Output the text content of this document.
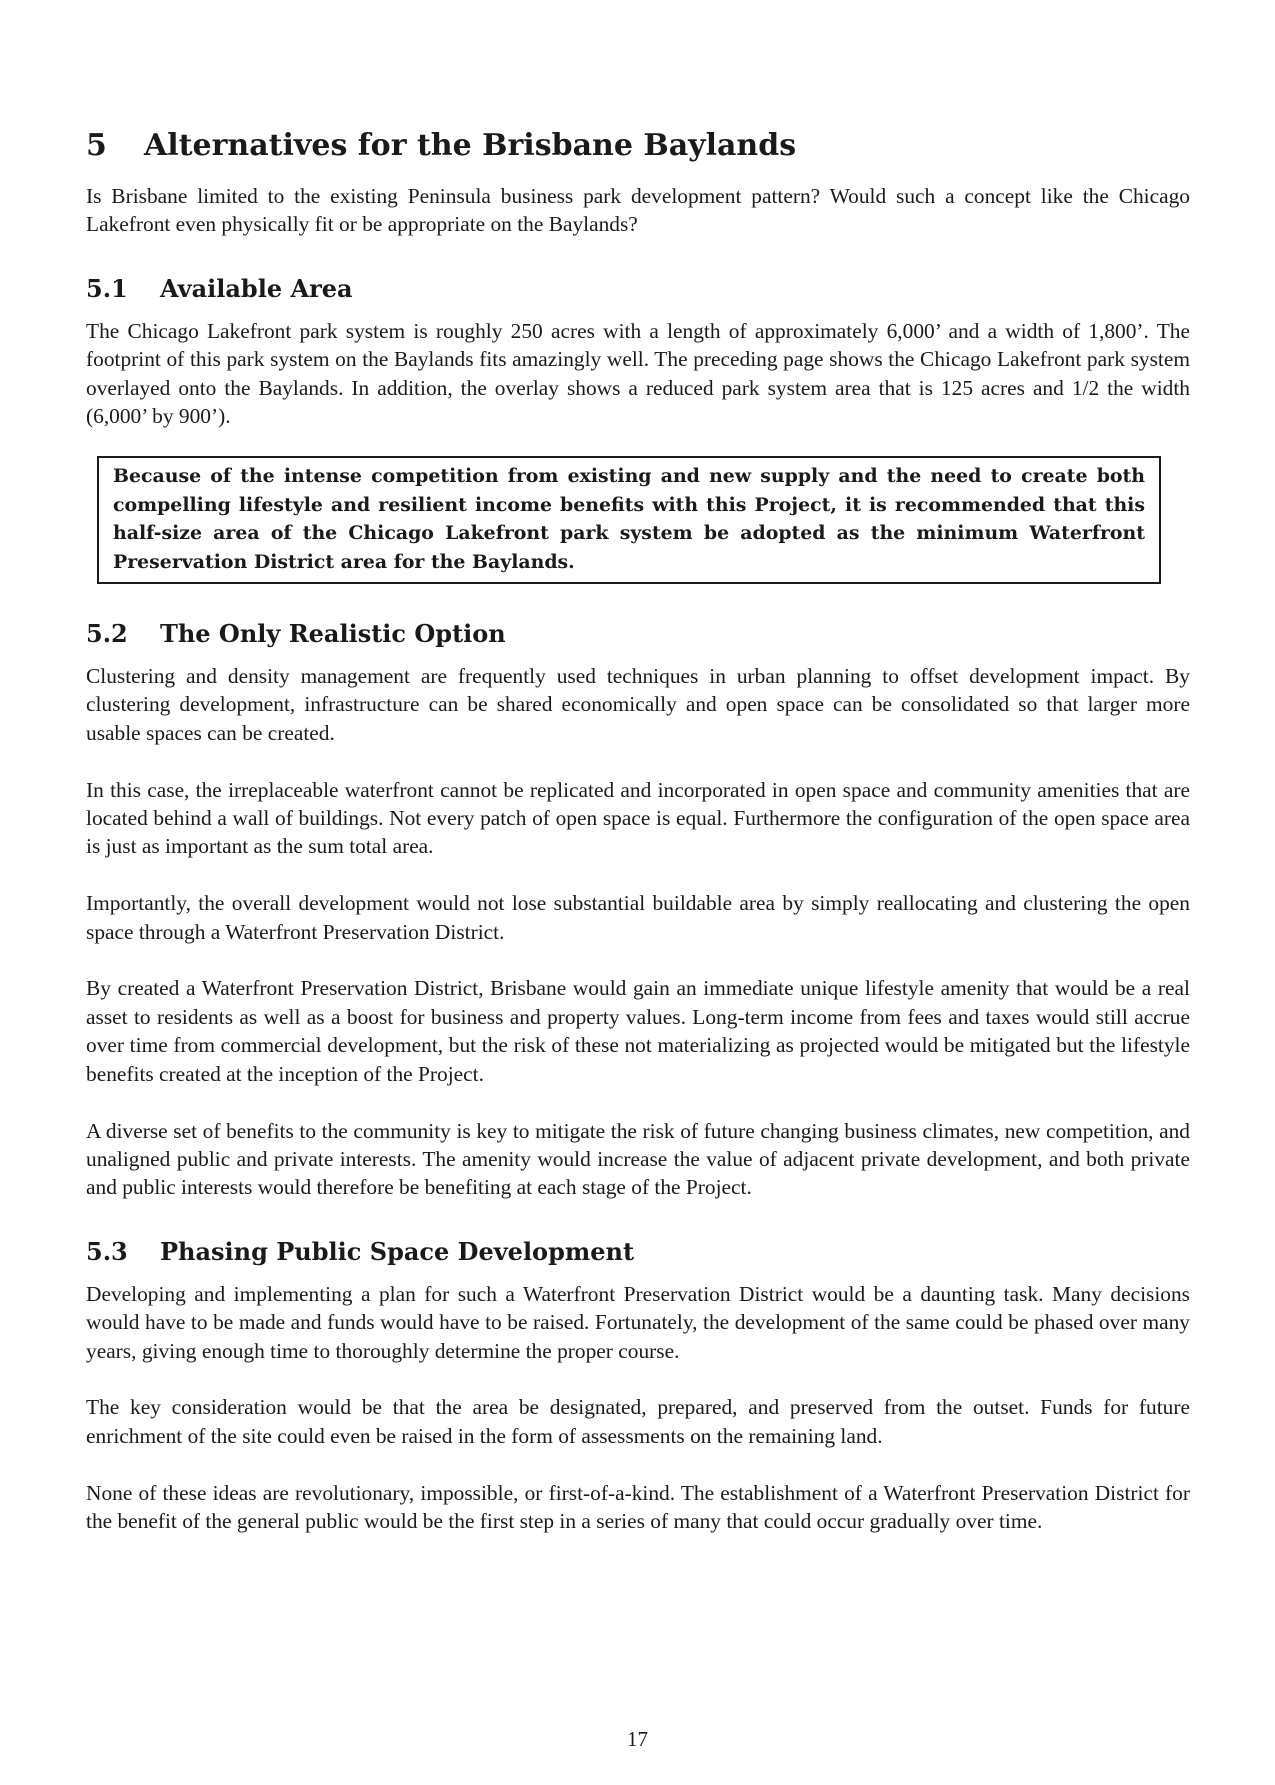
5	Alternatives for the Brisbane Baylands

Is Brisbane limited to the existing Peninsula business park development pattern? Would such a concept like the Chicago Lakefront even physically fit or be appropriate on the Baylands?

5.1	Available Area

The Chicago Lakefront park system is roughly 250 acres with a length of approximately 6,000’ and a width of 1,800’. The footprint of this park system on the Baylands fits amazingly well. The preceding page shows the Chicago Lakefront park system overlayed onto the Baylands. In addition, the overlay shows a reduced park system area that is 125 acres and 1/2 the width (6,000’ by 900’).

Because of the intense competition from existing and new supply and the need to create both compelling lifestyle and resilient income benefits with this Project, it is recommended that this half-size area of the Chicago Lakefront park system be adopted as the minimum Waterfront Preservation District area for the Baylands.

5.2	The Only Realistic Option

Clustering and density management are frequently used techniques in urban planning to offset development impact. By clustering development, infrastructure can be shared economically and open space can be consolidated so that larger more usable spaces can be created.

In this case, the irreplaceable waterfront cannot be replicated and incorporated in open space and community amenities that are located behind a wall of buildings. Not every patch of open space is equal. Furthermore the configuration of the open space area is just as important as the sum total area.

Importantly, the overall development would not lose substantial buildable area by simply reallocating and clustering the open space through a Waterfront Preservation District.

By created a Waterfront Preservation District, Brisbane would gain an immediate unique lifestyle amenity that would be a real asset to residents as well as a boost for business and property values. Long-term income from fees and taxes would still accrue over time from commercial development, but the risk of these not materializing as projected would be mitigated but the lifestyle benefits created at the inception of the Project.

A diverse set of benefits to the community is key to mitigate the risk of future changing business climates, new competition, and unaligned public and private interests. The amenity would increase the value of adjacent private development, and both private and public interests would therefore be benefiting at each stage of the Project.

5.3	Phasing Public Space Development

Developing and implementing a plan for such a Waterfront Preservation District would be a daunting task. Many decisions would have to be made and funds would have to be raised. Fortunately, the development of the same could be phased over many years, giving enough time to thoroughly determine the proper course.

The key consideration would be that the area be designated, prepared, and preserved from the outset. Funds for future enrichment of the site could even be raised in the form of assessments on the remaining land.

None of these ideas are revolutionary, impossible, or first-of-a-kind. The establishment of a Waterfront Preservation District for the benefit of the general public would be the first step in a series of many that could occur gradually over time.

17
